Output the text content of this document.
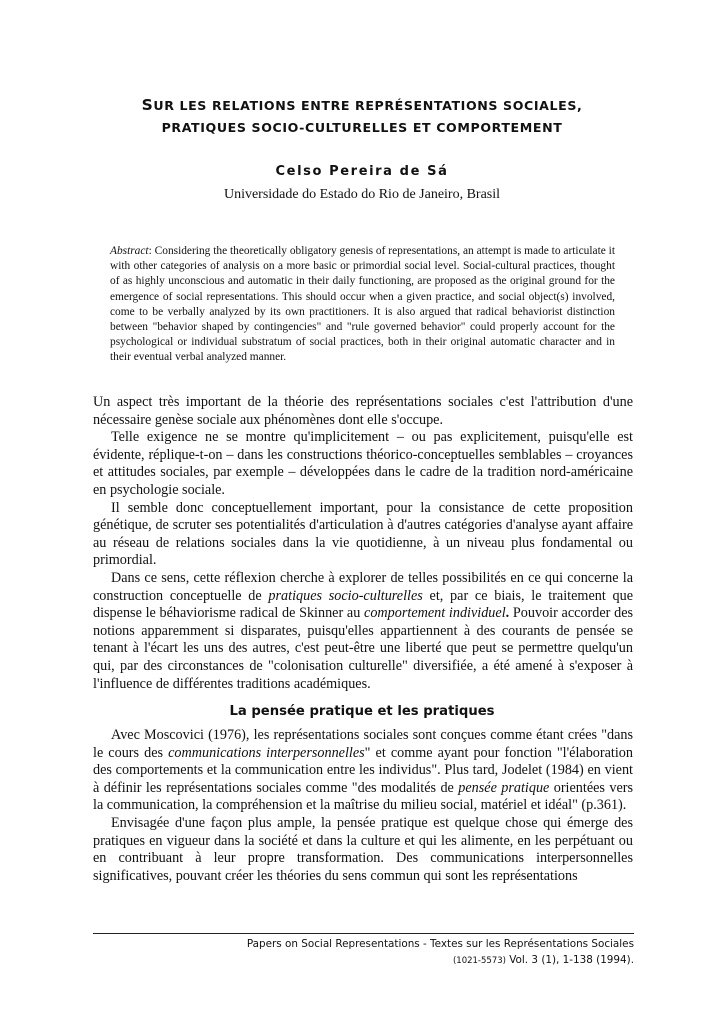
SUR LES RELATIONS ENTRE REPRÉSENTATIONS SOCIALES,
PRATIQUES SOCIO-CULTURELLES ET COMPORTEMENT
Celso Pereira de Sá
Universidade do Estado do Rio de Janeiro, Brasil

Abstract: Considering the theoretically obligatory genesis of representations, an attempt is made to articulate it with other categories of analysis on a more basic or primordial social level. Social-cultural practices, thought of as highly unconscious and automatic in their daily functioning, are proposed as the original ground for the emergence of social representations. This should occur when a given practice, and social object(s) involved, come to be verbally analyzed by its own practitioners. It is also argued that radical behaviorist distinction between "behavior shaped by contingencies" and "rule governed behavior" could properly account for the psychological or individual substratum of social practices, both in their original automatic character and in their eventual verbal analyzed manner.

Un aspect très important de la théorie des représentations sociales c'est l'attribution d'une nécessaire genèse sociale aux phénomènes dont elle s'occupe.

Telle exigence ne se montre qu'implicitement – ou pas explicitement, puisqu'elle est évidente, réplique-t-on – dans les constructions théorico-conceptuelles semblables – croyances et attitudes sociales, par exemple – développées dans le cadre de la tradition nord-américaine en psychologie sociale.

Il semble donc conceptuellement important, pour la consistance de cette proposition génétique, de scruter ses potentialités d'articulation à d'autres catégories d'analyse ayant affaire au réseau de relations sociales dans la vie quotidienne, à un niveau plus fondamental ou primordial.

Dans ce sens, cette réflexion cherche à explorer de telles possibilités en ce qui concerne la construction conceptuelle de pratiques socio-culturelles et, par ce biais, le traitement que dispense le béhaviorisme radical de Skinner au comportement individuel. Pouvoir accorder des notions apparemment si disparates, puisqu'elles appartiennent à des courants de pensée se tenant à l'écart les uns des autres, c'est peut-être une liberté que peut se permettre quelqu'un qui, par des circonstances de "colonisation culturelle" diversifiée, a été amené à s'exposer à l'influence de différentes traditions académiques.

La pensée pratique et les pratiques

Avec Moscovici (1976), les représentations sociales sont conçues comme étant crées "dans le cours des communications interpersonnelles" et comme ayant pour fonction "l'élaboration des comportements et la communication entre les individus". Plus tard, Jodelet (1984) en vient à définir les représentations sociales comme "des modalités de pensée pratique orientées vers la communication, la compréhension et la maîtrise du milieu social, matériel et idéal" (p.361).

Envisagée d'une façon plus ample, la pensée pratique est quelque chose qui émerge des pratiques en vigueur dans la société et dans la culture et qui les alimente, en les perpétuant ou en contribuant à leur propre transformation. Des communications interpersonnelles significatives, pouvant créer les théories du sens commun qui sont les représentations

Papers on Social Representations - Textes sur les Représentations Sociales
(1021-5573) Vol. 3 (1), 1-138 (1994).
